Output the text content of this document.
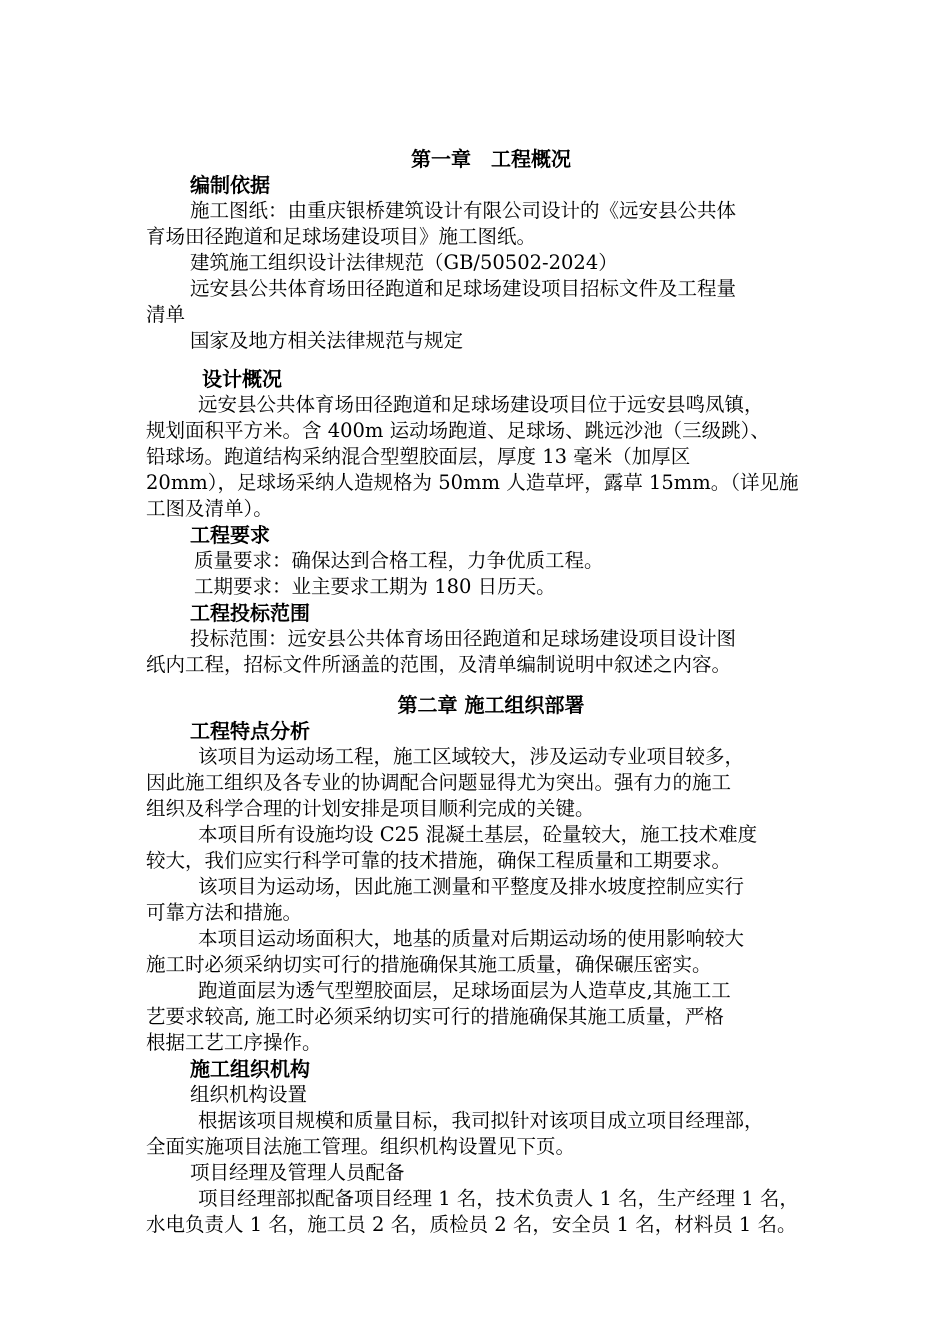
第一章　工程概况
编制依据

施工图纸：由重庆银桥建筑设计有限公司设计的《远安县公共体

育场田径跑道和足球场建设项目》施工图纸。

建筑施工组织设计法律规范（GB/50502-2024）

远安县公共体育场田径跑道和足球场建设项目招标文件及工程量

清单

国家及地方相关法律规范与规定

设计概况

远安县公共体育场田径跑道和足球场建设项目位于远安县鸣凤镇，

规划面积平方米。含 400m 运动场跑道、足球场、跳远沙池（三级跳）、

铅球场。跑道结构采纳混合型塑胶面层，厚度 13 毫米（加厚区

20mm），足球场采纳人造规格为 50mm 人造草坪，露草 15mm。（详见施

工图及清单）。

工程要求

质量要求：确保达到合格工程，力争优质工程。

工期要求：业主要求工期为 180 日历天。

工程投标范围

投标范围：远安县公共体育场田径跑道和足球场建设项目设计图

纸内工程，招标文件所涵盖的范围，及清单编制说明中叙述之内容。

第二章 施工组织部署
工程特点分析

该项目为运动场工程，施工区域较大，涉及运动专业项目较多，

因此施工组织及各专业的协调配合问题显得尤为突出。强有力的施工

组织及科学合理的计划安排是项目顺利完成的关键。

本项目所有设施均设 C25 混凝土基层，砼量较大，施工技术难度

较大，我们应实行科学可靠的技术措施，确保工程质量和工期要求。

该项目为运动场，因此施工测量和平整度及排水坡度控制应实行

可靠方法和措施。

本项目运动场面积大，地基的质量对后期运动场的使用影响较大

施工时必须采纳切实可行的措施确保其施工质量，确保碾压密实。

跑道面层为透气型塑胶面层，足球场面层为人造草皮,其施工工

艺要求较高, 施工时必须采纳切实可行的措施确保其施工质量，严格

根据工艺工序操作。

施工组织机构

组织机构设置

根据该项目规模和质量目标，我司拟针对该项目成立项目经理部，

全面实施项目法施工管理。组织机构设置见下页。

项目经理及管理人员配备

项目经理部拟配备项目经理 1 名，技术负责人 1 名，生产经理 1 名，

水电负责人 1 名，施工员 2 名，质检员 2 名，安全员 1 名，材料员 1 名。
